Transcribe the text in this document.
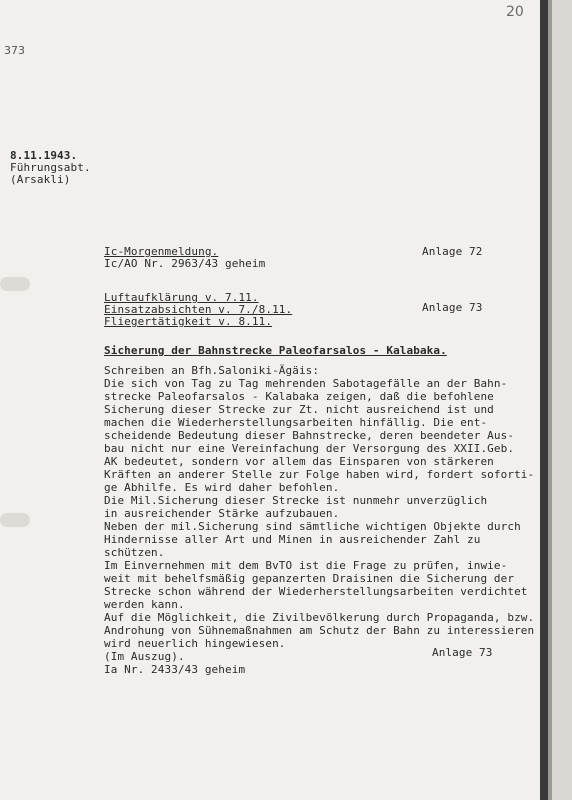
20
373
8.11.1943.
Führungsabt.
(Arsakli)
Ic-Morgenmeldung.
Ic/AO Nr. 2963/43 geheim
Anlage 72
Luftaufklärung v. 7.11.
Einsatzabsichten v. 7./8.11.
Fliegertätigkeit v. 8.11.
Anlage 73
Sicherung der Bahnstrecke Paleofarsalos - Kalabaka.
Schreiben an Bfh.Saloniki-Ägäis:
Die sich von Tag zu Tag mehrenden Sabotagefälle an der Bahn-
strecke Paleofarsalos - Kalabaka zeigen, daß die befohlene
Sicherung dieser Strecke zur Zt. nicht ausreichend ist und
machen die Wiederherstellungsarbeiten hinfällig. Die ent-
scheidende Bedeutung dieser Bahnstrecke, deren beendeter Aus-
bau nicht nur eine Vereinfachung der Versorgung des XXII.Geb.
AK bedeutet, sondern vor allem das Einsparen von stärkeren
Kräften an anderer Stelle zur Folge haben wird, fordert soforti-
ge Abhilfe. Es wird daher befohlen.
Die Mil.Sicherung dieser Strecke ist nunmehr unverzüglich
in ausreichender Stärke aufzubauen.
Neben der mil.Sicherung sind sämtliche wichtigen Objekte durch
Hindernisse aller Art und Minen in ausreichender Zahl zu
schützen.
Im Einvernehmen mit dem BvTO ist die Frage zu prüfen, inwie-
weit mit behelfsmäßig gepanzerten Draisinen die Sicherung der
Strecke schon während der Wiederherstellungsarbeiten verdichtet
werden kann.
Auf die Möglichkeit, die Zivilbevölkerung durch Propaganda, bzw.
Androhung von Sühnemaßnahmen am Schutz der Bahn zu interessieren
wird neuerlich hingewiesen.
(Im Auszug).
Ia Nr. 2433/43 geheim
Anlage 73
